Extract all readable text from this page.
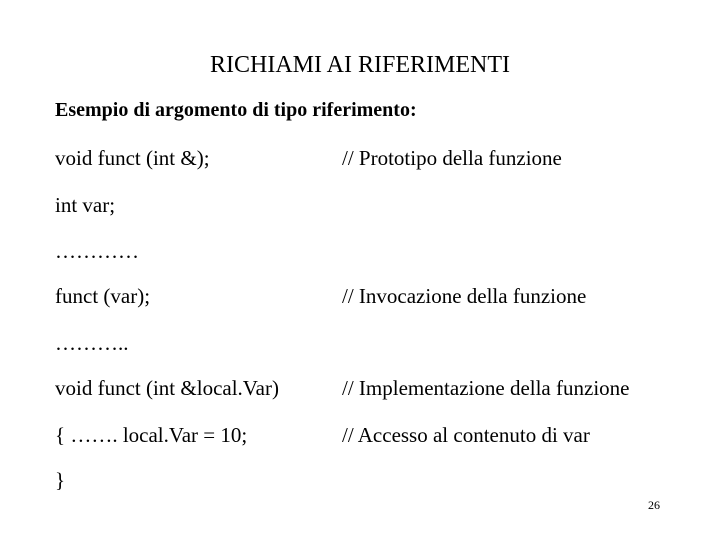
RICHIAMI AI RIFERIMENTI
Esempio di argomento di tipo riferimento:
void funct (int &);	// Prototipo della funzione
int var;
…………
funct (var);	// Invocazione della funzione
………..
void funct (int &local.Var)	// Implementazione della funzione
{ ……. local.Var = 10;	// Accesso al contenuto di var
}
26
